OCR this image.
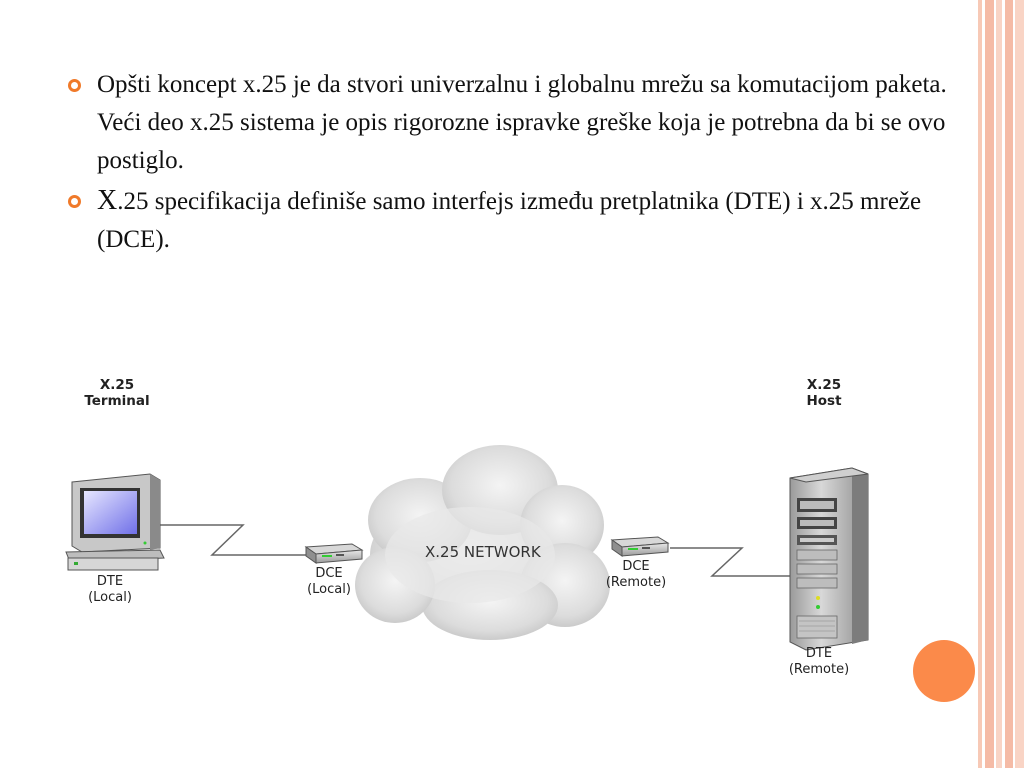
Opšti koncept x.25 je da stvori univerzalnu i globalnu mrežu sa komutacijom paketa. Veći deo x.25 sistema je opis rigorozne ispravke greške koja je potrebna da bi se ovo postiglo.
X.25 specifikacija definiše samo interfejs između pretplatnika (DTE) i x.25 mreže (DCE).
X.25
Terminal
X.25
Host
DTE
(Local)
DCE
(Local)
X.25 NETWORK
DCE
(Remote)
DTE
(Remote)
